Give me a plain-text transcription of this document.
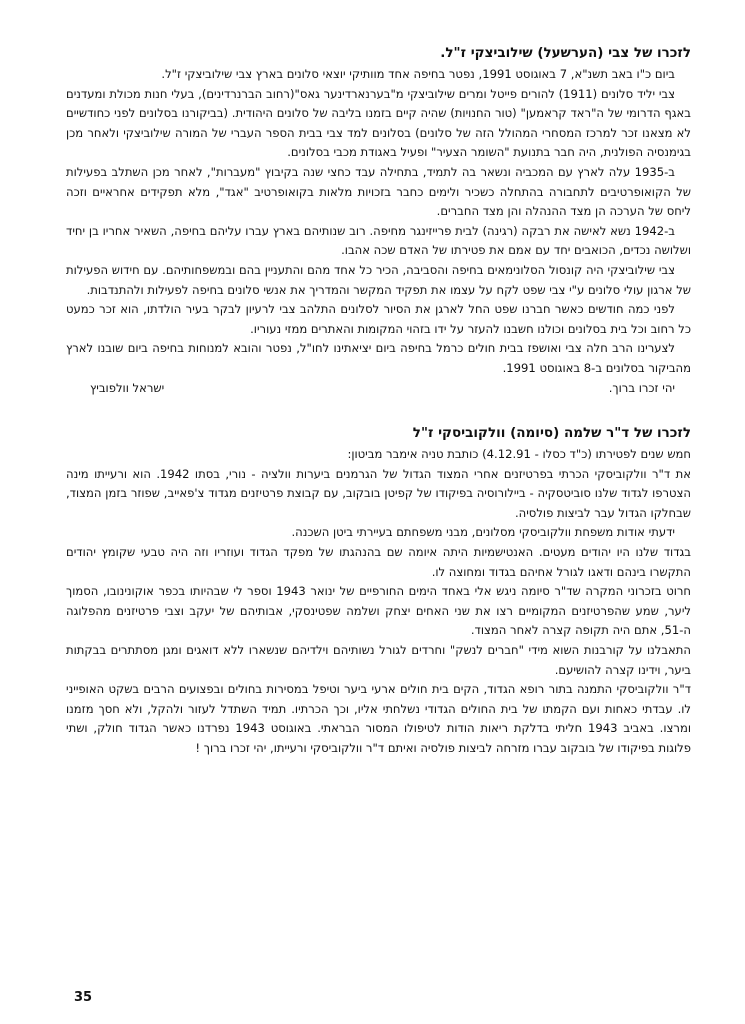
לזכרו של צבי (הערשעל) שילוביצקי ז"ל.

ביום כ"ו באב תשנ"א, 7 באוגוסט 1991, נפטר בחיפה אחד מוותיקי יוצאי סלונים בארץ צבי שילוביצקי ז"ל.

צבי יליד סלונים (1911) להורים פייטל ומרים שילוביצקי מ"בערנארדינער גאס"(רחוב הברנרדינים), בעלי חנות מכולת ומעדנים באגף הדרומי של ה"ראד קראמען" (טור החנויות) שהיה קיים בזמנו בליבה של סלונים היהודית. (בביקורנו בסלונים לפני כחודשיים לא מצאנו זכר למרכז המסחרי המהולל הזה של סלונים) בסלונים למד צבי בבית הספר העברי של המורה שילוביצקי ולאחר מכן בגימנסיה הפולנית, היה חבר בתנועת "השומר הצעיר" ופעיל באגודת מכבי בסלונים.

ב-1935 עלה לארץ עם המכביה ונשאר בה לתמיד, בתחילה עבד כחצי שנה בקיבוץ "מעברות", לאחר מכן השתלב בפעילות של הקואופרטיבים לתחבורה בהתחלה כשכיר ולימים כחבר בזכויות מלאות בקואופרטיב "אגד", מלא תפקידים אחראיים וזכה ליחס של הערכה הן מצד ההנהלה והן מצד החברים.

ב-1942 נשא לאישה את רבקה (רגינה) לבית פרייזינגר מחיפה. רוב שנותיהם בארץ עברו עליהם בחיפה, השאיר אחריו בן יחיד ושלושה נכדים, הכואבים יחד עם אמם את פטירתו של האדם שכה אהבו.

צבי שילוביצקי היה קונסול הסלונימאים בחיפה והסביבה, הכיר כל אחד מהם והתעניין בהם ובמשפחותיהם. עם חידוש הפעילות של ארגון עולי סלונים ע"י צבי שפט לקח על עצמו את תפקיד המקשר והמדריך את אנשי סלונים בחיפה לפעילות ולהתנדבות.

לפני כמה חודשים כאשר חברנו שפט החל לארגן את הסיור לסלונים התלהב צבי לרעיון לבקר בעיר הולדתו, הוא זכר כמעט כל רחוב וכל בית בסלונים וכולנו חשבנו להעזר על ידו בזהוי המקומות והאתרים ממזי נעוריו.

לצערינו הרב חלה צבי ואושפז בבית חולים כרמל בחיפה ביום יציאתינו לחו"ל, נפטר והובא למנוחות בחיפה ביום שובנו לארץ מהביקור בסלונים ב-8 באוגוסט 1991.

יהי זכרו ברוך.
ישראל וולפוביץ
לזכרו של ד"ר שלמה (סיומה) וולקוביסקי ז"ל

חמש שנים לפטירתו (כ"ד כסלו - 4.12.91) כותבת טניה אימבר מביטון:

את ד"ר וולקוביסקי הכרתי בפרטיזנים אחרי המצוד הגדול של הגרמנים ביערות וולציה - נורי, בסתו 1942. הוא ורעייתו מינה הצטרפו לגדוד שלנו סוביטסקיה - ביילורוסיה בפיקודו של קפיטן בובקוב, עם קבוצת פרטיזנים מגדוד צ'פאייב, שפוזר בזמן המצוד, שבחלקו הגדול עבר לביצות פולסיה.

ידעתי אודות משפחת וולקוביסקי מסלונים, מבני משפחתם בעיירתי ביטן השכנה.

בגדוד שלנו היו יהודים מעטים. האנטישמיות היתה איומה שם בהנהגתו של מפקד הגדוד ועוזריו וזה היה טבעי שקומץ יהודים התקשרו בינהם ודאגו לגורל אחיהם בגדוד ומחוצה לו.

חרוט בזכרוני המקרה שד"ר סיומה ניגש אלי באחד הימים החורפיים של ינואר 1943 וספר לי שבהיותו בכפר אוקונינובו, הסמוך ליער, שמע שהפרטיזנים המקומיים רצו את שני האחים יצחק ושלמה שפטינסקי, אבותיהם של יעקב וצבי פרטיזנים מהפלוגה ה-51, אתם היה תקופה קצרה לאחר המצוד.

התאבלנו על קורבנות השוא מידי "חברים לנשק" וחרדים לגורל נשותיהם וילדיהם שנשארו ללא דואגים ומגן מסתתרים בבקתות ביער, וידינו קצרה להושיעם.

ד"ר וולקוביסקי התמנה בתור רופא הגדוד, הקים בית חולים ארעי ביער וטיפל במסירות בחולים ובפצועים הרבים בשקט האופייני לו. עבדתי כאחות ועם הקמתו של בית החולים הגדודי נשלחתי אליו, וכך הכרתיו. תמיד השתדל לעזור ולהקל, ולא חסך מזמנו ומרצו. באביב 1943 חליתי בדלקת ריאות הודות לטיפולו המסור הבראתי. באוגוסט 1943 נפרדנו כאשר הגדוד חולק, ושתי פלוגות בפיקודו של בובקוב עברו מזרחה לביצות פולסיה ואיתם ד"ר וולקוביסקי ורעייתו, יהי זכרו ברוך !

35
